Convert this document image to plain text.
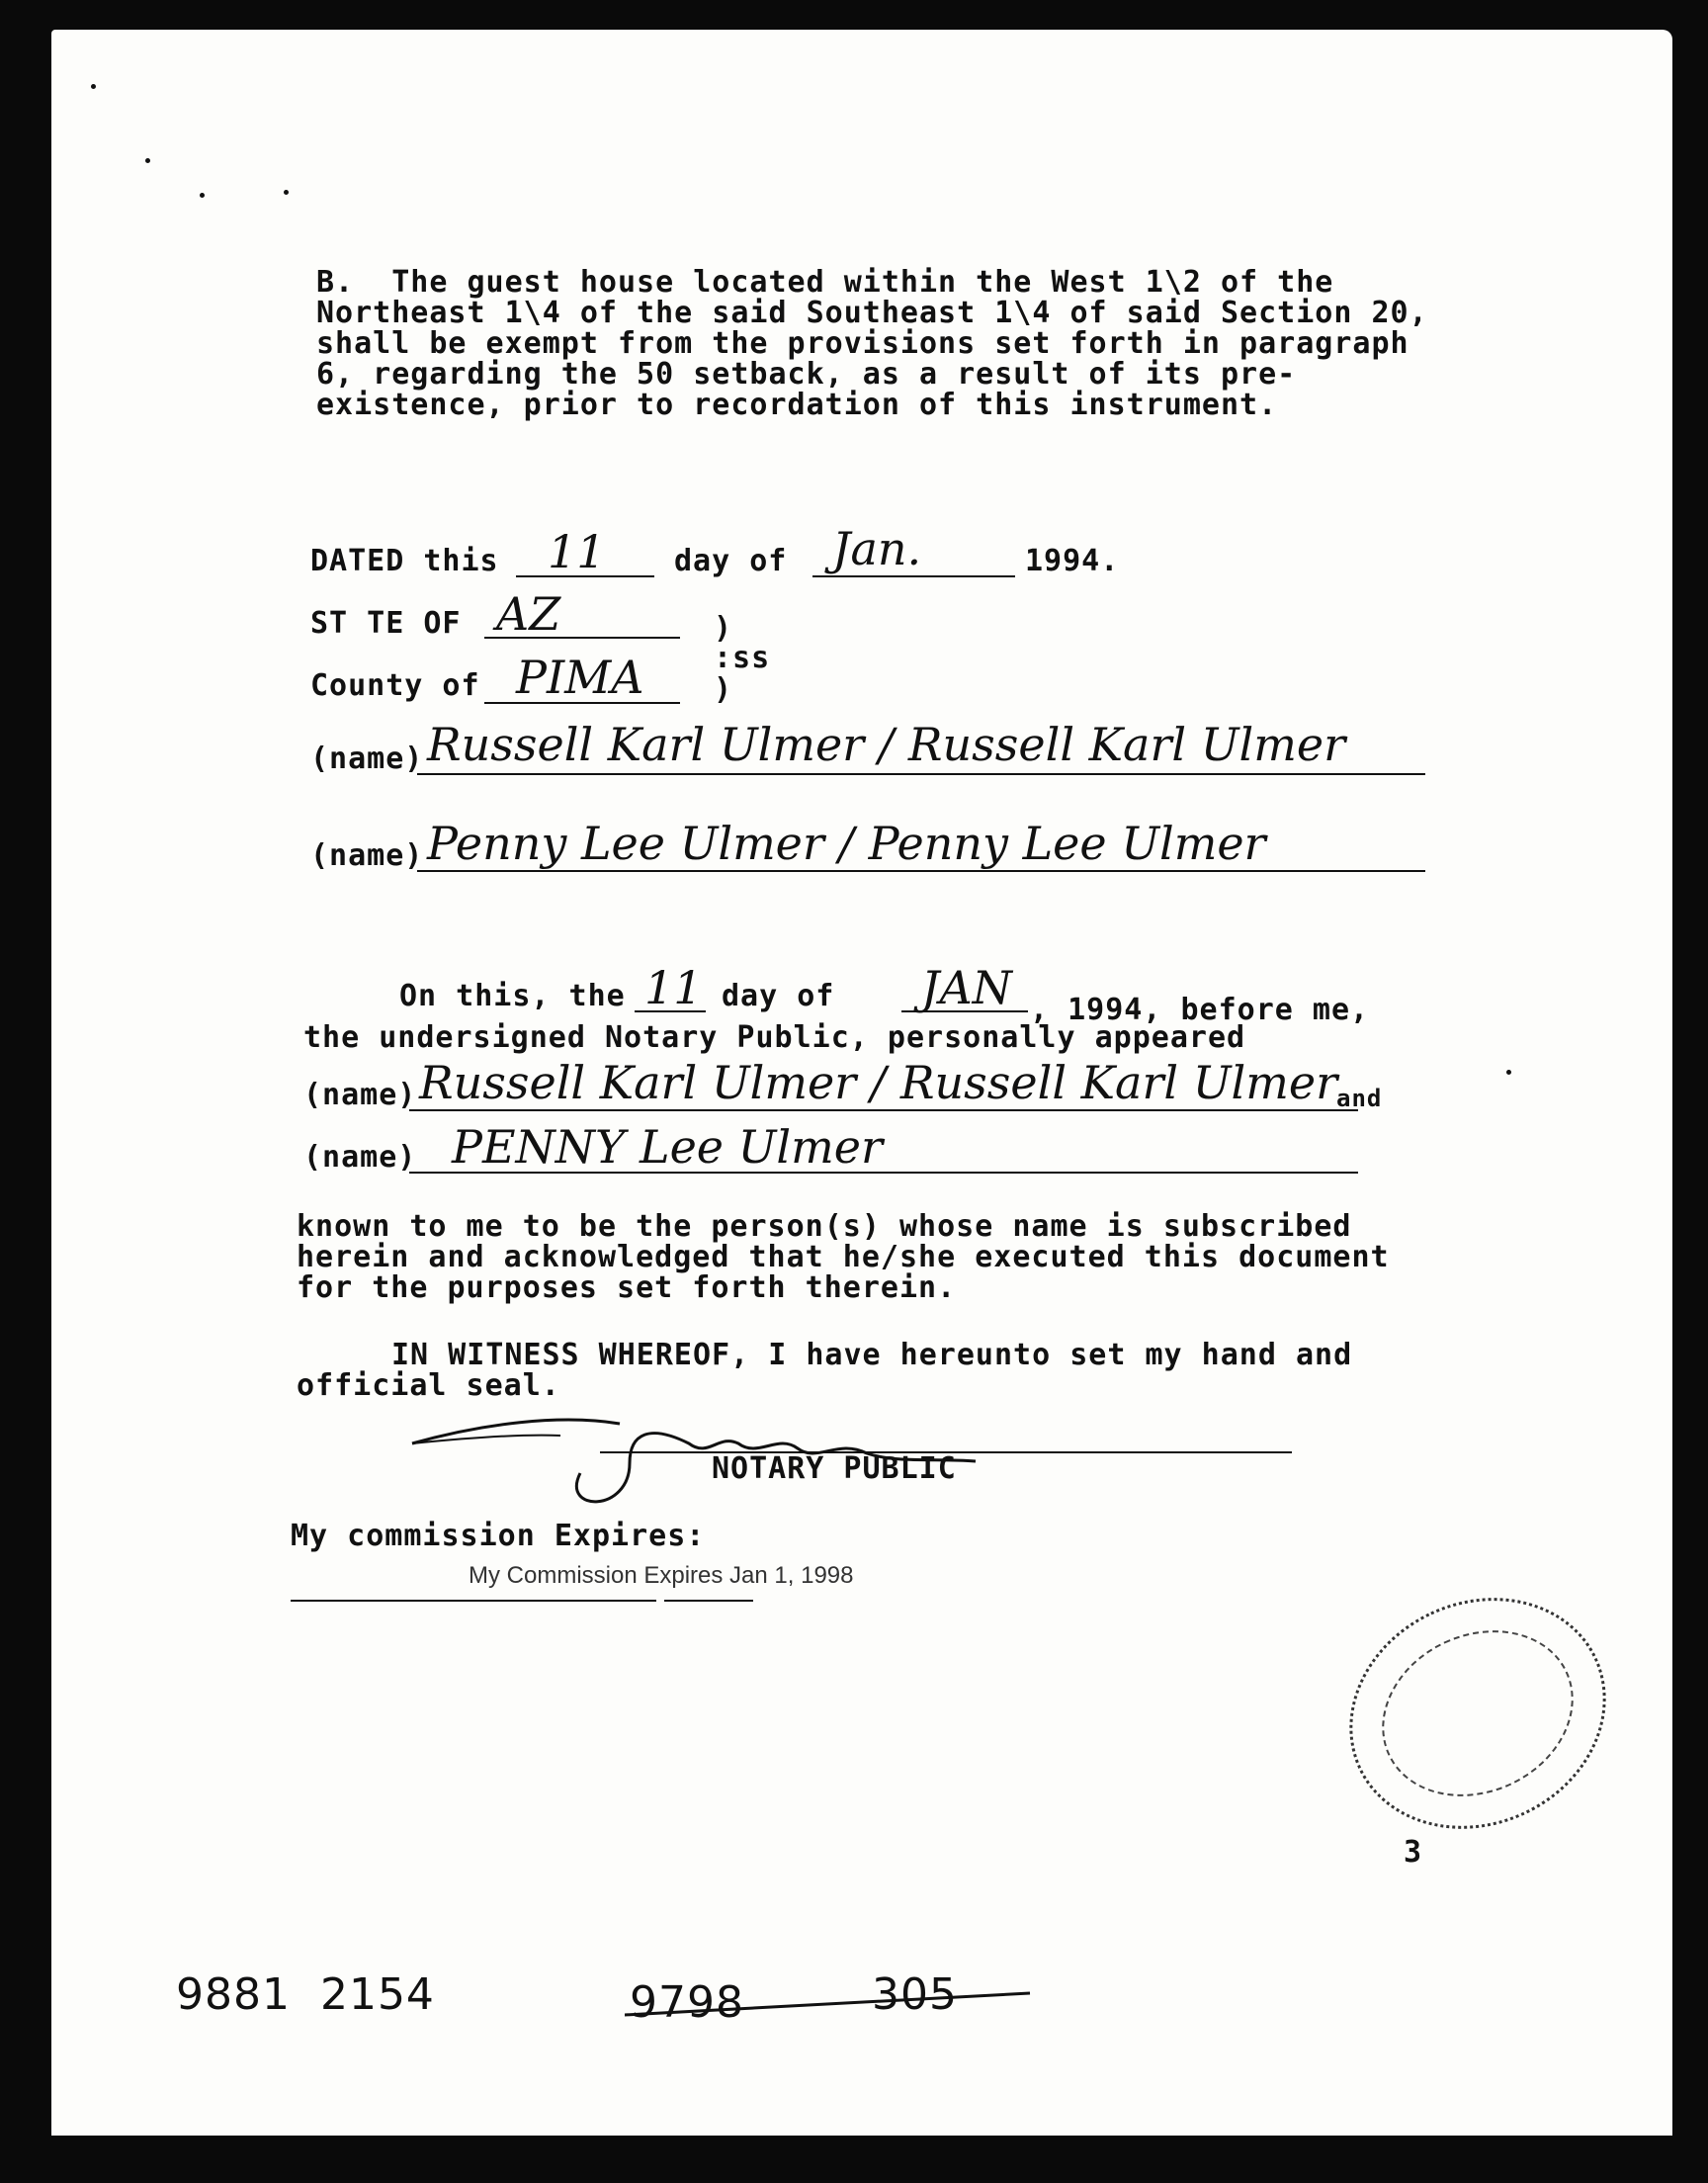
B.  The guest house located within the West 1\2 of the
Northeast 1\4 of the said Southeast 1\4 of said Section 20,
shall be exempt from the provisions set forth in paragraph
6, regarding the 50 setback, as a result of its pre-
existence, prior to recordation of this instrument.
DATED this 11 day of Jan.	1994.
ST TE OF AZ	)
:ss
County of PIMA )
(name) Russell Karl Ulmer / Russell Karl Ulmer
(name) Penny Lee Ulmer / Penny Lee Ulmer
On this, the 11 day of JAN , 1994, before me,
the undersigned Notary Public, personally appeared
(name) Russell Karl Ulmer / Russell Karl Ulmer
and
(name) PENNY Lee Ulmer
known to me to be the person(s) whose name is subscribed
herein and acknowledged that he/she executed this document
for the purposes set forth therein.
IN WITNESS WHEREOF, I have hereunto set my hand and
official seal.
NOTARY PUBLIC
My commission Expires:
My Commission Expires Jan 1, 1998
3
9881  2154	9798	305
